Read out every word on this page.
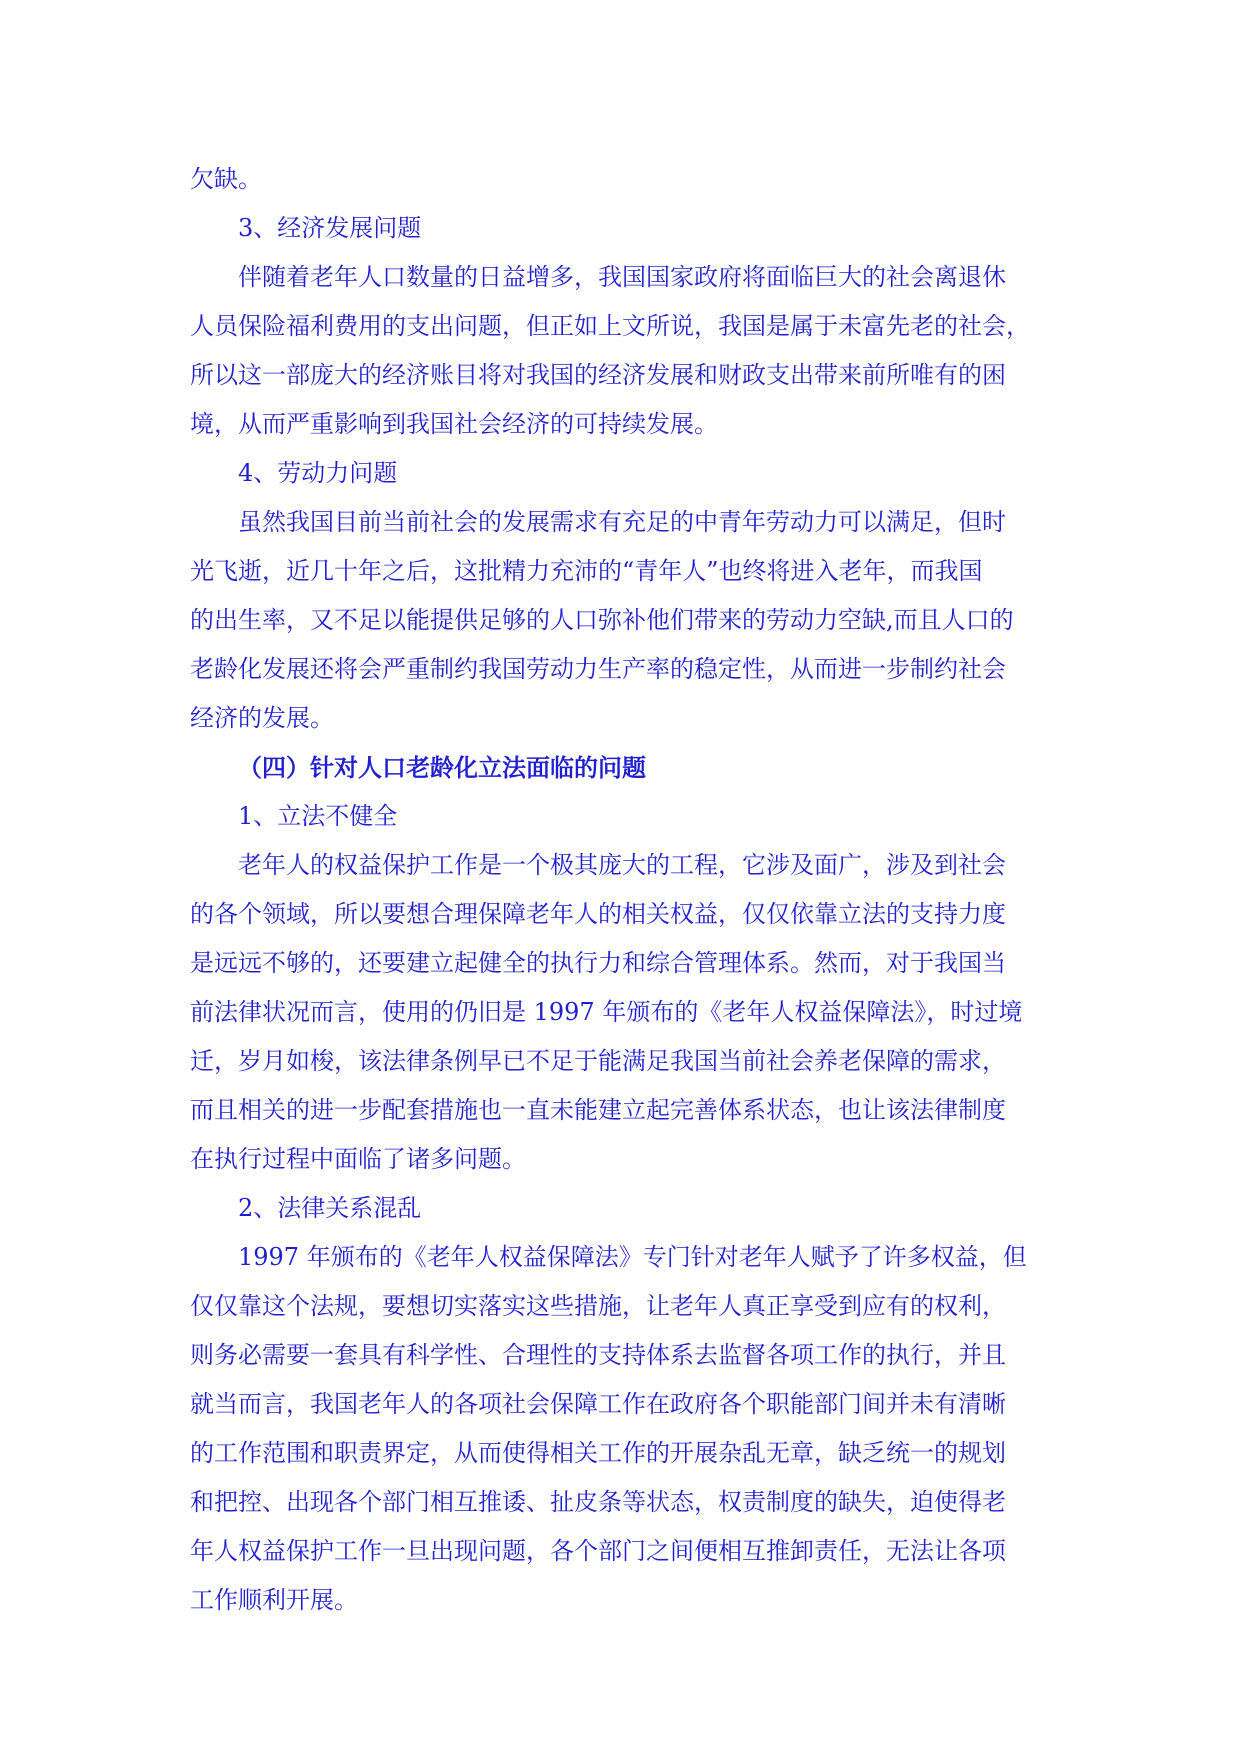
欠缺。
3、经济发展问题
伴随着老年人口数量的日益增多，我国国家政府将面临巨大的社会离退休
人员保险福利费用的支出问题，但正如上文所说，我国是属于未富先老的社会，
所以这一部庞大的经济账目将对我国的经济发展和财政支出带来前所唯有的困
境，从而严重影响到我国社会经济的可持续发展。
4、劳动力问题
虽然我国目前当前社会的发展需求有充足的中青年劳动力可以满足，但时
光飞逝，近几十年之后，这批精力充沛的“青年人”也终将进入老年，而我国
的出生率，又不足以能提供足够的人口弥补他们带来的劳动力空缺,而且人口的
老龄化发展还将会严重制约我国劳动力生产率的稳定性，从而进一步制约社会
经济的发展。
（四）针对人口老龄化立法面临的问题
1、立法不健全
老年人的权益保护工作是一个极其庞大的工程，它涉及面广，涉及到社会
的各个领域，所以要想合理保障老年人的相关权益，仅仅依靠立法的支持力度
是远远不够的，还要建立起健全的执行力和综合管理体系。然而，对于我国当
前法律状况而言，使用的仍旧是 1997 年颁布的《老年人权益保障法》，时过境
迁，岁月如梭，该法律条例早已不足于能满足我国当前社会养老保障的需求，
而且相关的进一步配套措施也一直未能建立起完善体系状态，也让该法律制度
在执行过程中面临了诸多问题。
2、法律关系混乱
1997 年颁布的《老年人权益保障法》专门针对老年人赋予了许多权益，但
仅仅靠这个法规，要想切实落实这些措施，让老年人真正享受到应有的权利，
则务必需要一套具有科学性、合理性的支持体系去监督各项工作的执行，并且
就当而言，我国老年人的各项社会保障工作在政府各个职能部门间并未有清晰
的工作范围和职责界定，从而使得相关工作的开展杂乱无章，缺乏统一的规划
和把控、出现各个部门相互推诿、扯皮条等状态，权责制度的缺失，迫使得老
年人权益保护工作一旦出现问题，各个部门之间便相互推卸责任，无法让各项
工作顺利开展。
